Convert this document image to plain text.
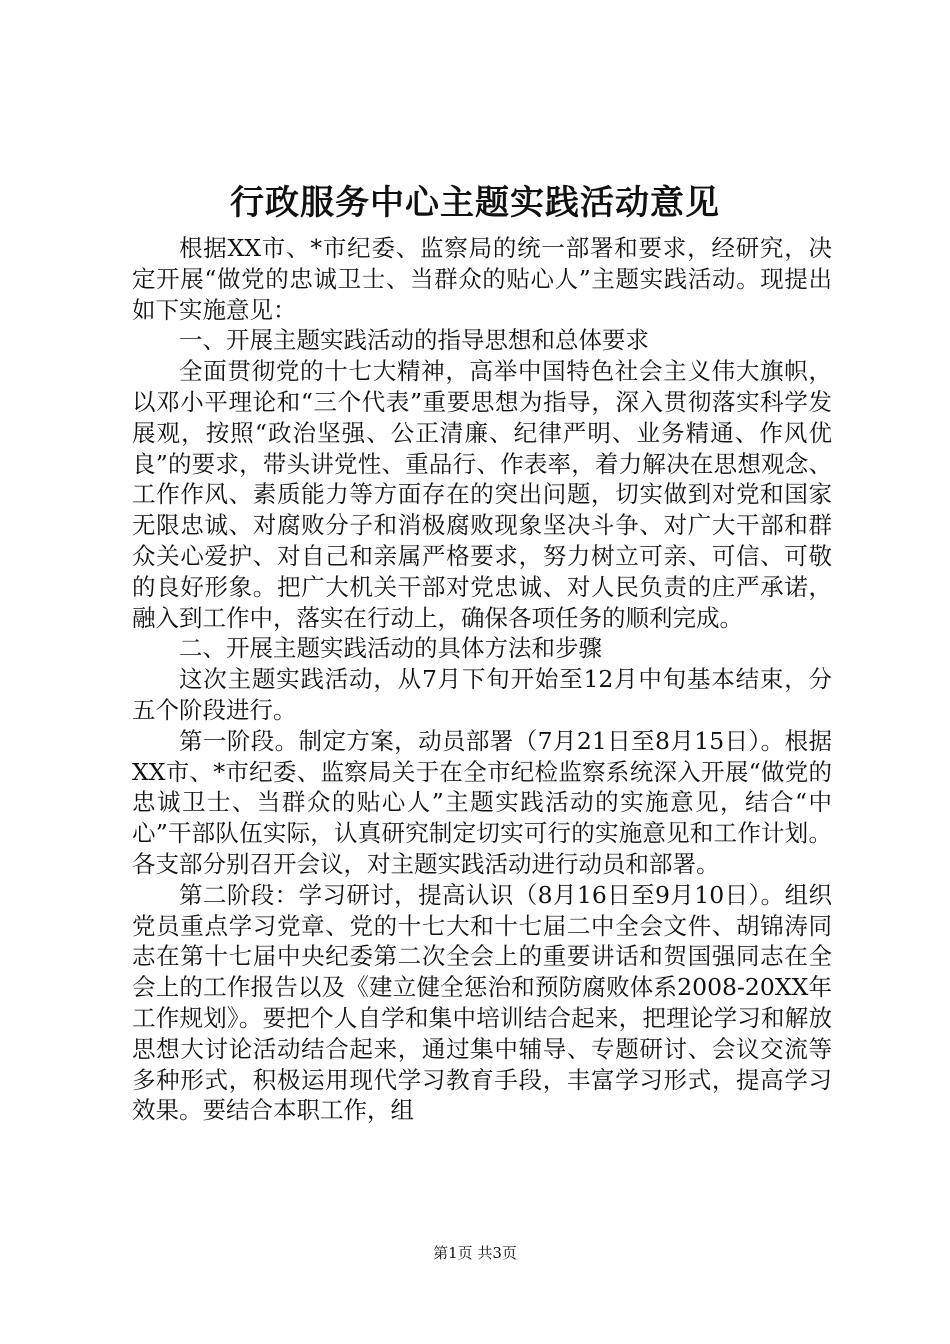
行政服务中心主题实践活动意见

根据XX市、*市纪委、监察局的统一部署和要求，经研究，决定开展“做党的忠诚卫士、当群众的贴心人”主题实践活动。现提出如下实施意见：

一、开展主题实践活动的指导思想和总体要求

全面贯彻党的十七大精神，高举中国特色社会主义伟大旗帜，以邓小平理论和“三个代表”重要思想为指导，深入贯彻落实科学发展观，按照“政治坚强、公正清廉、纪律严明、业务精通、作风优良”的要求，带头讲党性、重品行、作表率，着力解决在思想观念、工作作风、素质能力等方面存在的突出问题，切实做到对党和国家无限忠诚、对腐败分子和消极腐败现象坚决斗争、对广大干部和群众关心爱护、对自己和亲属严格要求，努力树立可亲、可信、可敬的良好形象。把广大机关干部对党忠诚、对人民负责的庄严承诺，融入到工作中，落实在行动上，确保各项任务的顺利完成。

二、开展主题实践活动的具体方法和步骤

这次主题实践活动，从7月下旬开始至12月中旬基本结束，分五个阶段进行。

第一阶段。制定方案，动员部署（7月21日至8月15日）。根据XX市、*市纪委、监察局关于在全市纪检监察系统深入开展“做党的忠诚卫士、当群众的贴心人”主题实践活动的实施意见，结合“中心”干部队伍实际，认真研究制定切实可行的实施意见和工作计划。各支部分别召开会议，对主题实践活动进行动员和部署。

第二阶段：学习研讨，提高认识（8月16日至9月10日）。组织党员重点学习党章、党的十七大和十七届二中全会文件、胡锦涛同志在第十七届中央纪委第二次全会上的重要讲话和贺国强同志在全会上的工作报告以及《建立健全惩治和预防腐败体系2008-20XX年工作规划》。要把个人自学和集中培训结合起来，把理论学习和解放思想大讨论活动结合起来，通过集中辅导、专题研讨、会议交流等多种形式，积极运用现代学习教育手段，丰富学习形式，提高学习效果。要结合本职工作，组

第1页 共3页
